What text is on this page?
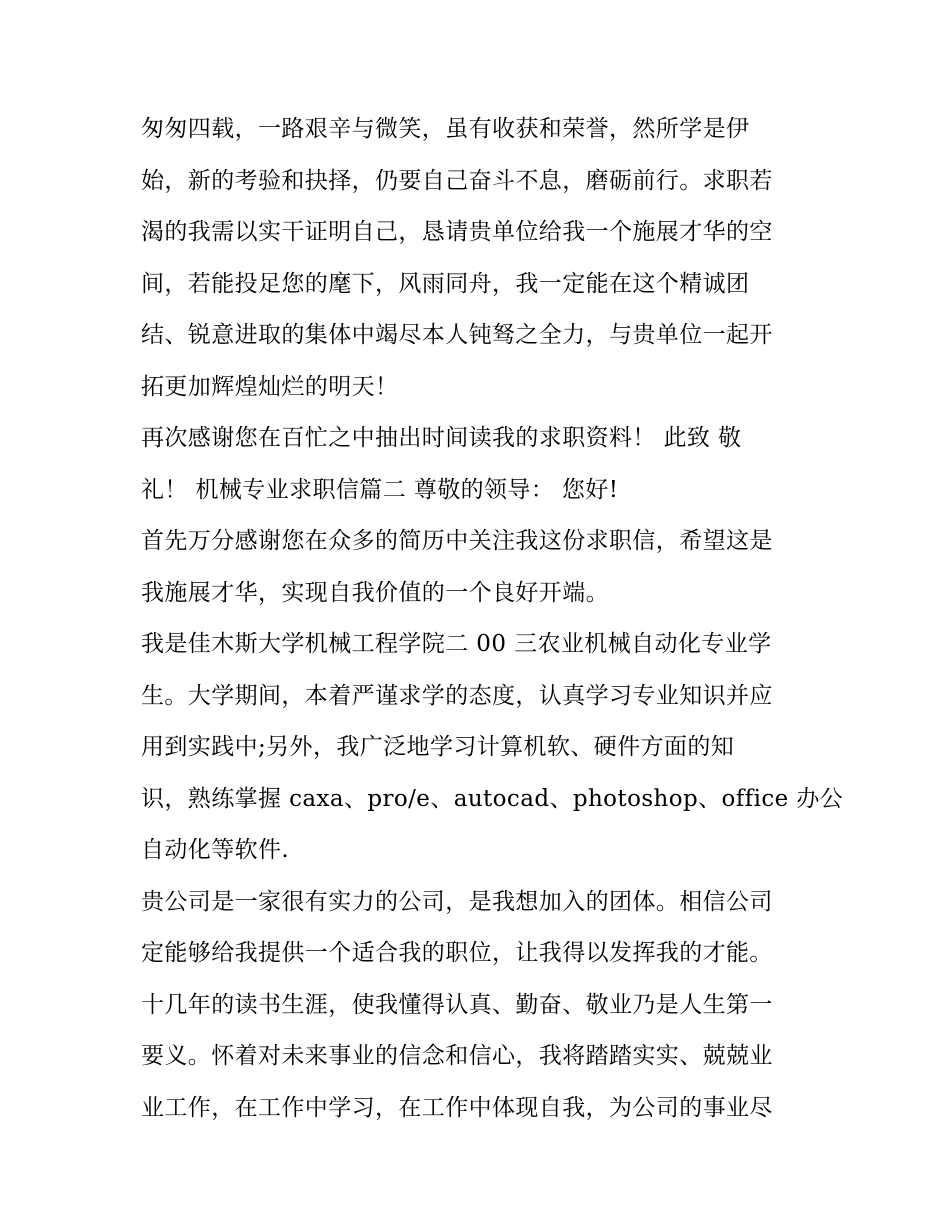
匆匆四载，一路艰辛与微笑，虽有收获和荣誉，然所学是伊
始，新的考验和抉择，仍要自己奋斗不息，磨砺前行。求职若
渴的我需以实干证明自己，恳请贵单位给我一个施展才华的空
间，若能投足您的麾下，风雨同舟，我一定能在这个精诚团
结、锐意进取的集体中竭尽本人钝驽之全力，与贵单位一起开
拓更加辉煌灿烂的明天！
再次感谢您在百忙之中抽出时间读我的求职资料！ 此致 敬
礼！ 机械专业求职信篇二 尊敬的领导： 您好!
首先万分感谢您在众多的简历中关注我这份求职信，希望这是
我施展才华，实现自我价值的一个良好开端。
我是佳木斯大学机械工程学院二 00 三农业机械自动化专业学
生。大学期间，本着严谨求学的态度，认真学习专业知识并应
用到实践中;另外，我广泛地学习计算机软、硬件方面的知
识，熟练掌握 caxa、pro/e、autocad、photoshop、office 办公
自动化等软件.
贵公司是一家很有实力的公司，是我想加入的团体。相信公司
定能够给我提供一个适合我的职位，让我得以发挥我的才能。
十几年的读书生涯，使我懂得认真、勤奋、敬业乃是人生第一
要义。怀着对未来事业的信念和信心，我将踏踏实实、兢兢业
业工作，在工作中学习，在工作中体现自我，为公司的事业尽
